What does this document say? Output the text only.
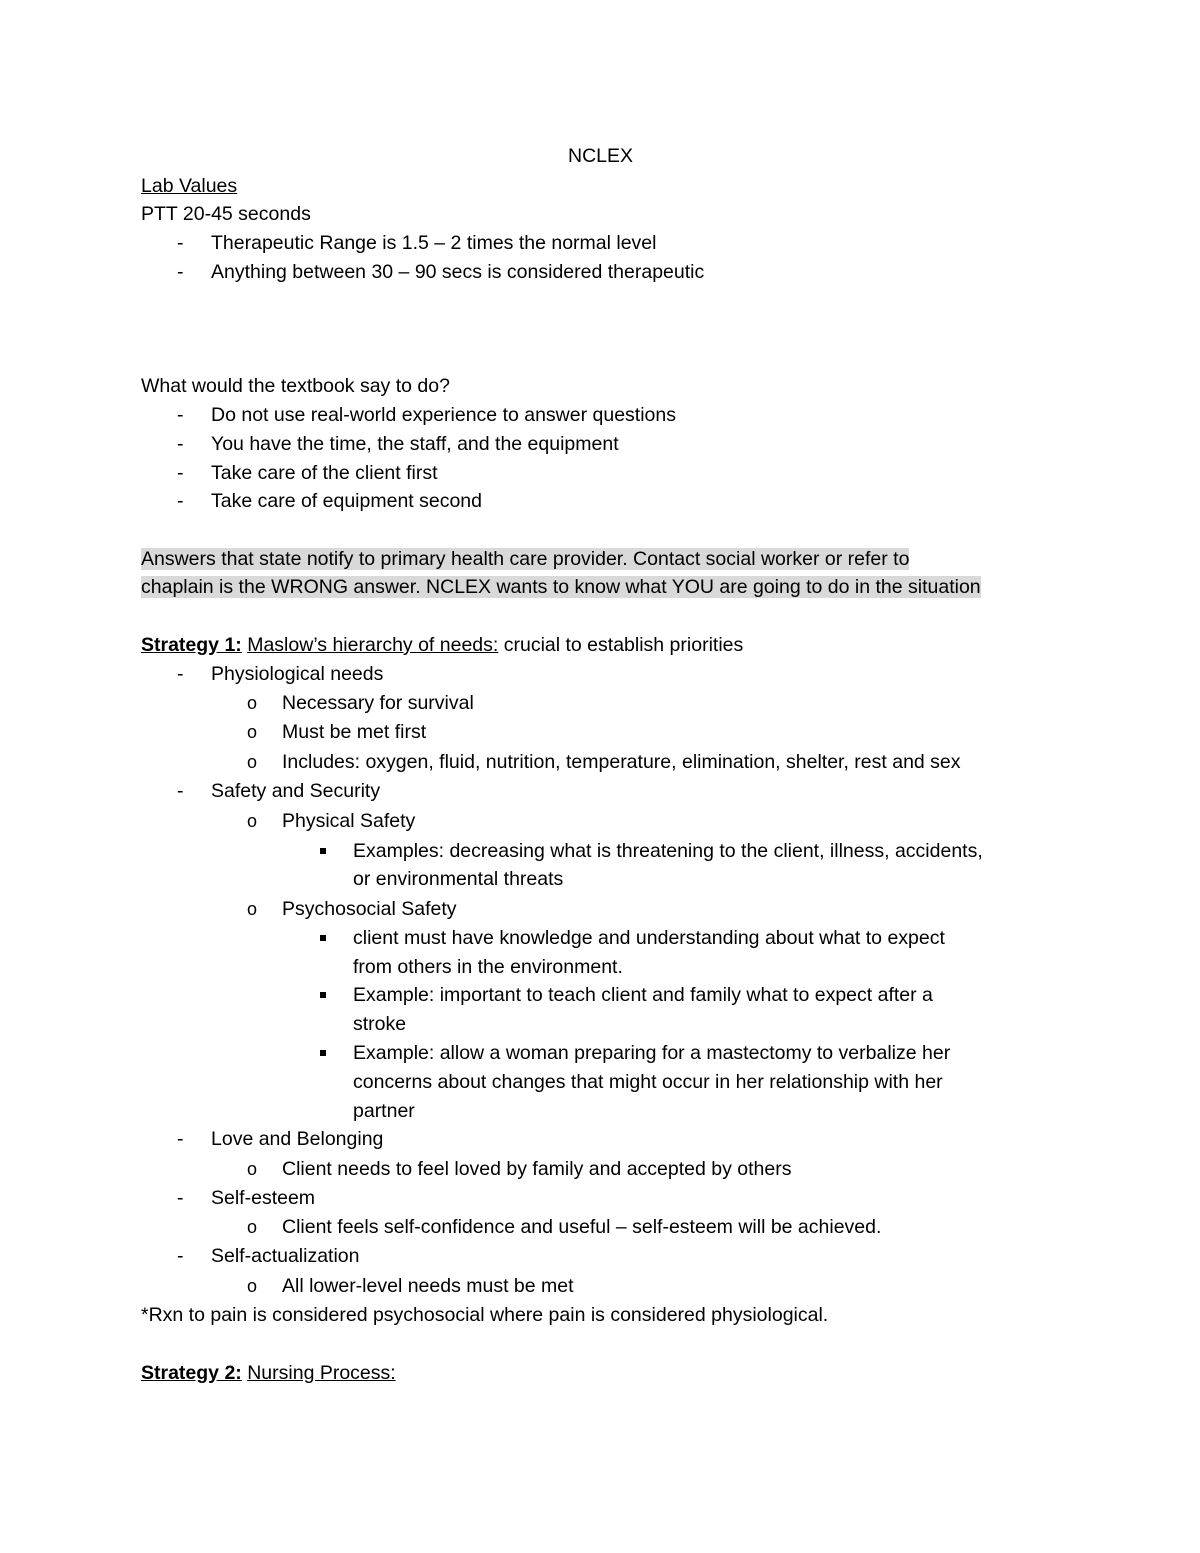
NCLEX
Lab Values
PTT 20-45 seconds
-	Therapeutic Range is 1.5 – 2 times the normal level
-	Anything between 30 – 90 secs is considered therapeutic
What would the textbook say to do?
-	Do not use real-world experience to answer questions
-	You have the time, the staff, and the equipment
-	Take care of the client first
-	Take care of equipment second
Answers that state notify to primary health care provider. Contact social worker or refer to
chaplain is the WRONG answer. NCLEX wants to know what YOU are going to do in the situation
Strategy 1: Maslow’s hierarchy of needs: crucial to establish priorities
-	Physiological needs
o	Necessary for survival
o	Must be met first
o	Includes: oxygen, fluid, nutrition, temperature, elimination, shelter, rest and sex
-	Safety and Security
o	Physical Safety
Examples: decreasing what is threatening to the client, illness, accidents,
or environmental threats
o	Psychosocial Safety
client must have knowledge and understanding about what to expect
from others in the environment.
Example: important to teach client and family what to expect after a
stroke
Example: allow a woman preparing for a mastectomy to verbalize her
concerns about changes that might occur in her relationship with her
partner
-	Love and Belonging
o	Client needs to feel loved by family and accepted by others
-	Self-esteem
o	Client feels self-confidence and useful – self-esteem will be achieved.
-	Self-actualization
o	All lower-level needs must be met
*Rxn to pain is considered psychosocial where pain is considered physiological.
Strategy 2: Nursing Process:
